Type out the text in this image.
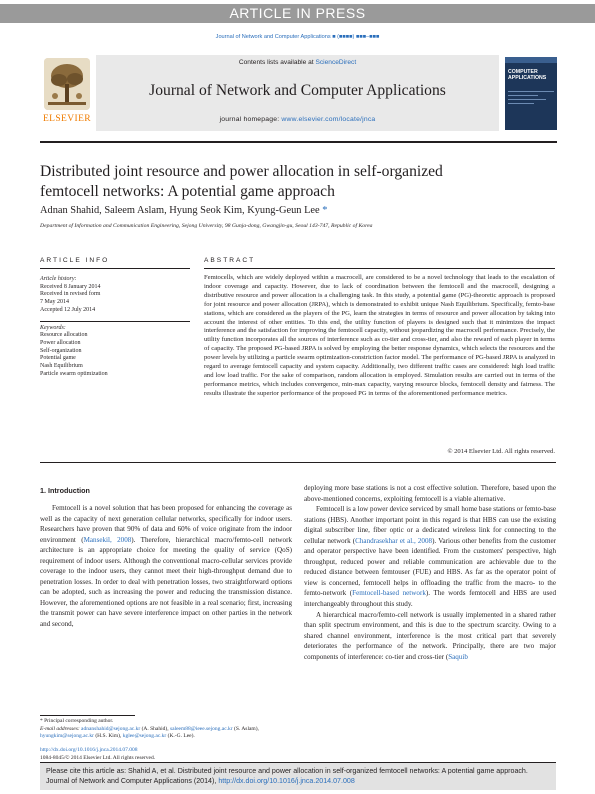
ARTICLE IN PRESS
Journal of Network and Computer Applications ■ (■■■■) ■■■–■■■
Contents lists available at ScienceDirect
Journal of Network and Computer Applications
journal homepage: www.elsevier.com/locate/jnca
ELSEVIER
COMPUTER APPLICATIONS
Distributed joint resource and power allocation in self-organized
femtocell networks: A potential game approach
Adnan Shahid, Saleem Aslam, Hyung Seok Kim, Kyung-Geun Lee *
Department of Information and Communication Engineering, Sejong University, 98 Gunja-dong, Gwangjin-gu, Seoul 143-747, Republic of Korea
ARTICLE INFO	ABSTRACT
Article history:
Received 8 January 2014
Received in revised form
7 May 2014
Accepted 12 July 2014
Keywords:
Resource allocation
Power allocation
Self-organization
Potential game
Nash Equilibrium
Particle swarm optimization
Femtocells, which are widely deployed within a macrocell, are considered to be a novel technology that leads to the escalation of indoor coverage and capacity. However, due to lack of coordination between the femtocell and the macrocell, designing a distributive resource and power allocation is a challenging task. In this study, a potential game (PG)-theoretic approach is proposed for joint resource and power allocation (JRPA), which is demonstrated to exhibit unique Nash Equilibrium. Specifically, femto-base stations, which are considered as the players of the PG, learn the strategies in terms of resource and power allocation by taking into account the interest of other entities. To this end, the utility function of players is designed such that it minimizes the impact interference and the satisfaction for improving the femtocell capacity, without jeopardizing the macrocell performance. Precisely, the utility function incorporates all the sources of interference such as co-tier and cross-tier, and also the reward of each player in terms of capacity. The proposed PG-based JRPA is solved by employing the better response dynamics, which selects the resources and the power levels by utilizing a particle swarm optimization-constriction factor model. The performance of PG-based JRPA is analyzed in regard to average femtocell capacity and system capacity. Additionally, two different traffic cases are considered: high load traffic and low load traffic. For the sake of comparison, random allocation is employed. Simulation results are carried out in terms of the performance metrics, which includes convergence, min-max capacity, varying resource blocks, femtocell density and fairness. The results illustrate the superior performance of the proposed PG in terms of the aforementioned performance metrics.
© 2014 Elsevier Ltd. All rights reserved.
1. Introduction

Femtocell is a novel solution that has been proposed for enhancing the coverage as well as the capacity of next generation cellular networks, specifically for indoor users. Researchers have proven that 90% of data and 60% of voice originate from the indoor environment (Mansekil, 2008). Therefore, hierarchical macro/femto-cell network architecture is an appropriate choice for meeting the quality of service (QoS) requirement of indoor users. Although the conventional macro-cellular services provide coverage to the indoor users, they cannot meet their high-throughput demand due to penetration losses. In order to deal with penetration losses, two straightforward options can be adopted, such as increasing the power and reducing the transmission distance. However, the aforementioned options are not feasible in a real scenario; first, increasing the transmit power can have severe interference impact on other parties in the network and second,

deploying more base stations is not a cost effective solution. Therefore, based upon the above-mentioned concerns, exploiting femtocell is a viable alternative.

Femtocell is a low power device serviced by small home base stations or femto-base stations (HBS). Another important point in this regard is that HBS can use the existing digital subscriber line, fiber optic or a dedicated wireless link for connecting to the cellular network (Chandrasekhar et al., 2008). Various other benefits from the customer and operator perspective have been identified. From the customers' perspective, high throughput, reduced power and reliable communication are achievable due to the reduced distance between femtouser (FUE) and HBS. As far as the operator point of view is concerned, femtocell helps in offloading the traffic from the macro- to the femto-network (Femtocell-based network). The words femtocell and HBS are used interchangeably throughout this study.

A hierarchical macro/femto-cell network is usually implemented in a shared rather than split spectrum environment, and this is due to the spectrum scarcity. Owing to a shared channel environment, interference is the most critical part that severely deteriorates the performance of the network. Principally, there are two major components of interference: co-tier and cross-tier (Saquib

* Principal corresponding author.
E-mail addresses: adnanshahid@sejong.ac.kr (A. Shahid), saleem88@ieee.sejong.ac.kr (S. Aslam), hyungkim@sejong.ac.kr (H.S. Kim), kglee@sejong.ac.kr (K.-G. Lee).
http://dx.doi.org/10.1016/j.jnca.2014.07.008
1084-8045/© 2014 Elsevier Ltd. All rights reserved.
Please cite this article as: Shahid A, et al. Distributed joint resource and power allocation in self-organized femtocell networks: A potential game approach. Journal of Network and Computer Applications (2014), http://dx.doi.org/10.1016/j.jnca.2014.07.008
